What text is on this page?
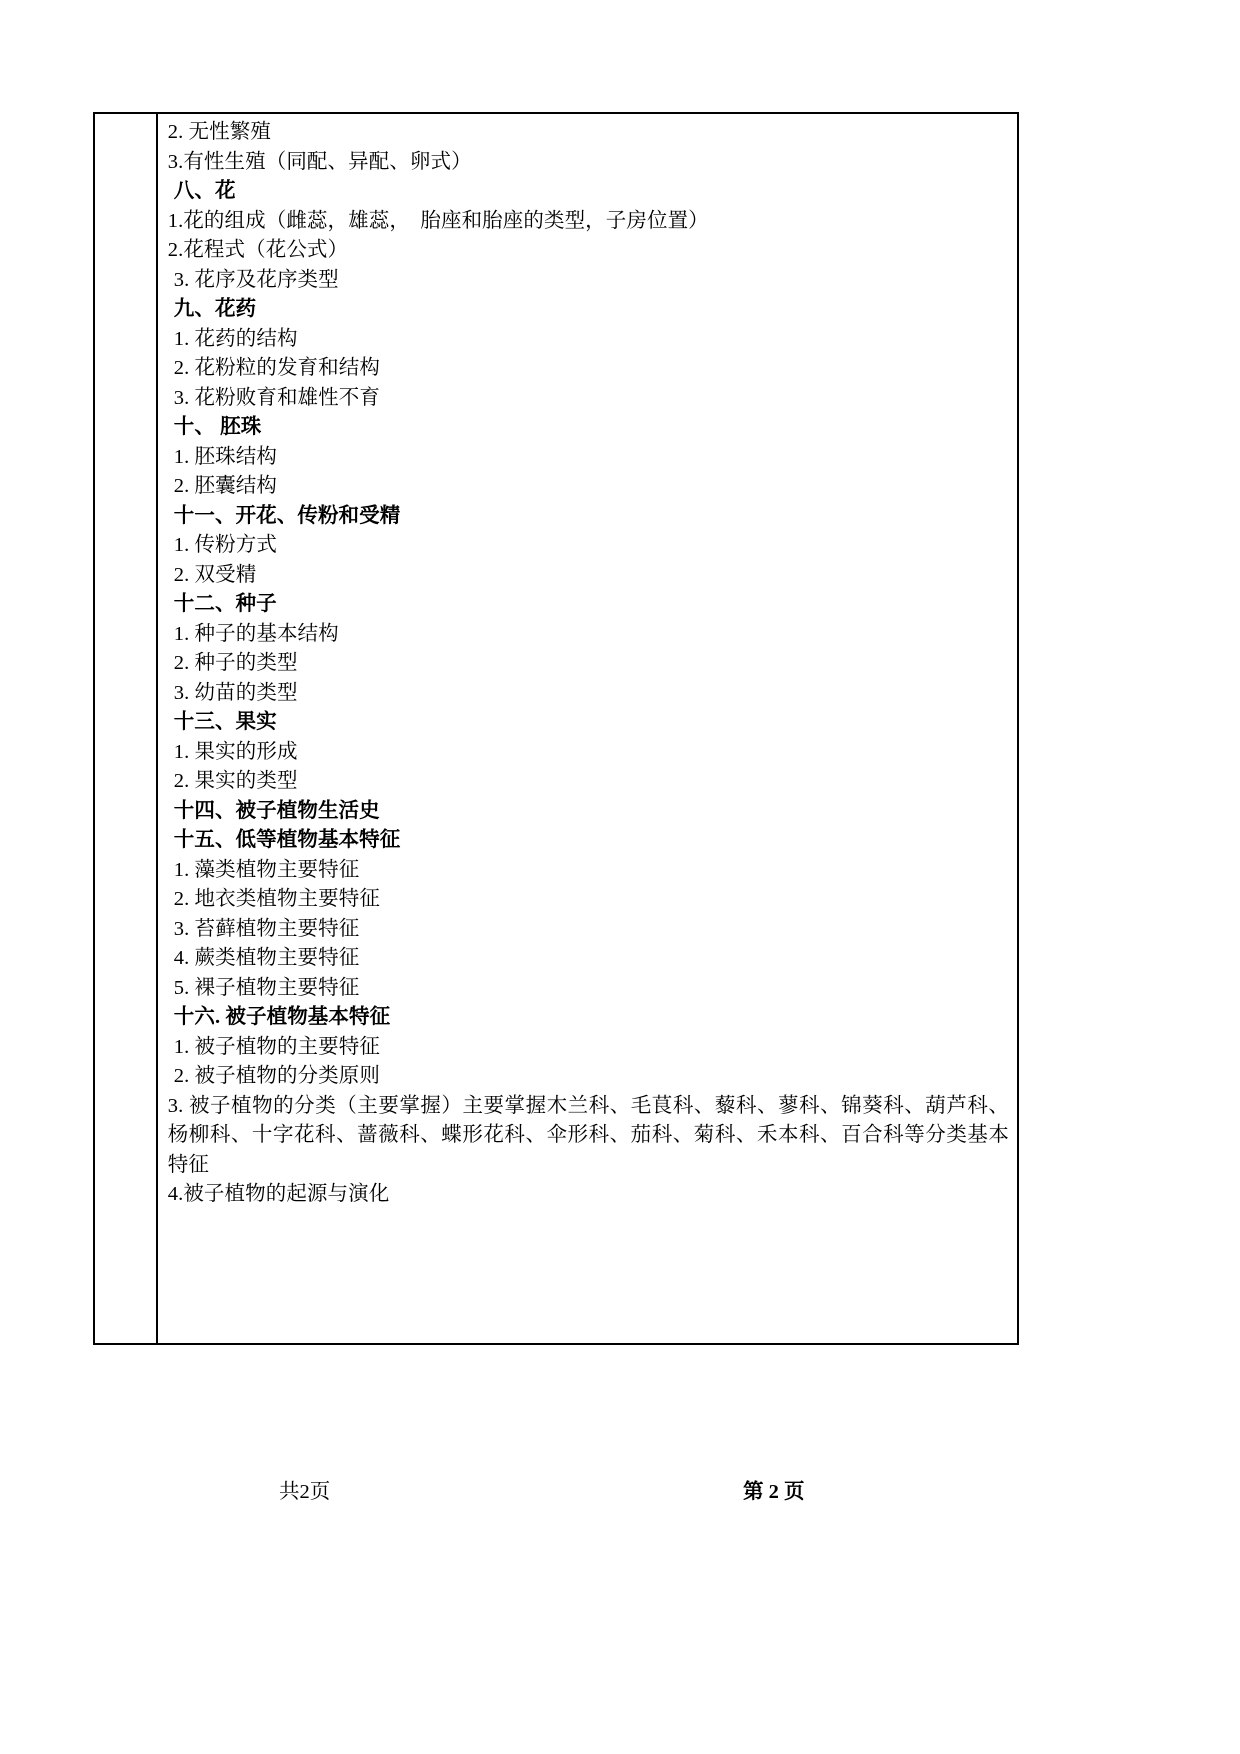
2. 无性繁殖
3.有性生殖（同配、异配、卵式）
八、花
1.花的组成（雌蕊，雄蕊，  胎座和胎座的类型，子房位置）
2.花程式（花公式）
3. 花序及花序类型
九、花药
1. 花药的结构
2. 花粉粒的发育和结构
3. 花粉败育和雄性不育
十、 胚珠
1. 胚珠结构
2. 胚囊结构
十一、开花、传粉和受精
1. 传粉方式
2. 双受精
十二、种子
1. 种子的基本结构
2. 种子的类型
3. 幼苗的类型
十三、果实
1. 果实的形成
2. 果实的类型
十四、被子植物生活史
十五、低等植物基本特征
1. 藻类植物主要特征
2. 地衣类植物主要特征
3. 苔藓植物主要特征
4. 蕨类植物主要特征
5. 裸子植物主要特征
十六. 被子植物基本特征
1. 被子植物的主要特征
2. 被子植物的分类原则
3. 被子植物的分类（主要掌握）主要掌握木兰科、毛茛科、藜科、蓼科、锦葵科、葫芦科、杨柳科、十字花科、蔷薇科、蝶形花科、伞形科、茄科、菊科、禾本科、百合科等分类基本特征
4.被子植物的起源与演化
共2页	第 2 页
